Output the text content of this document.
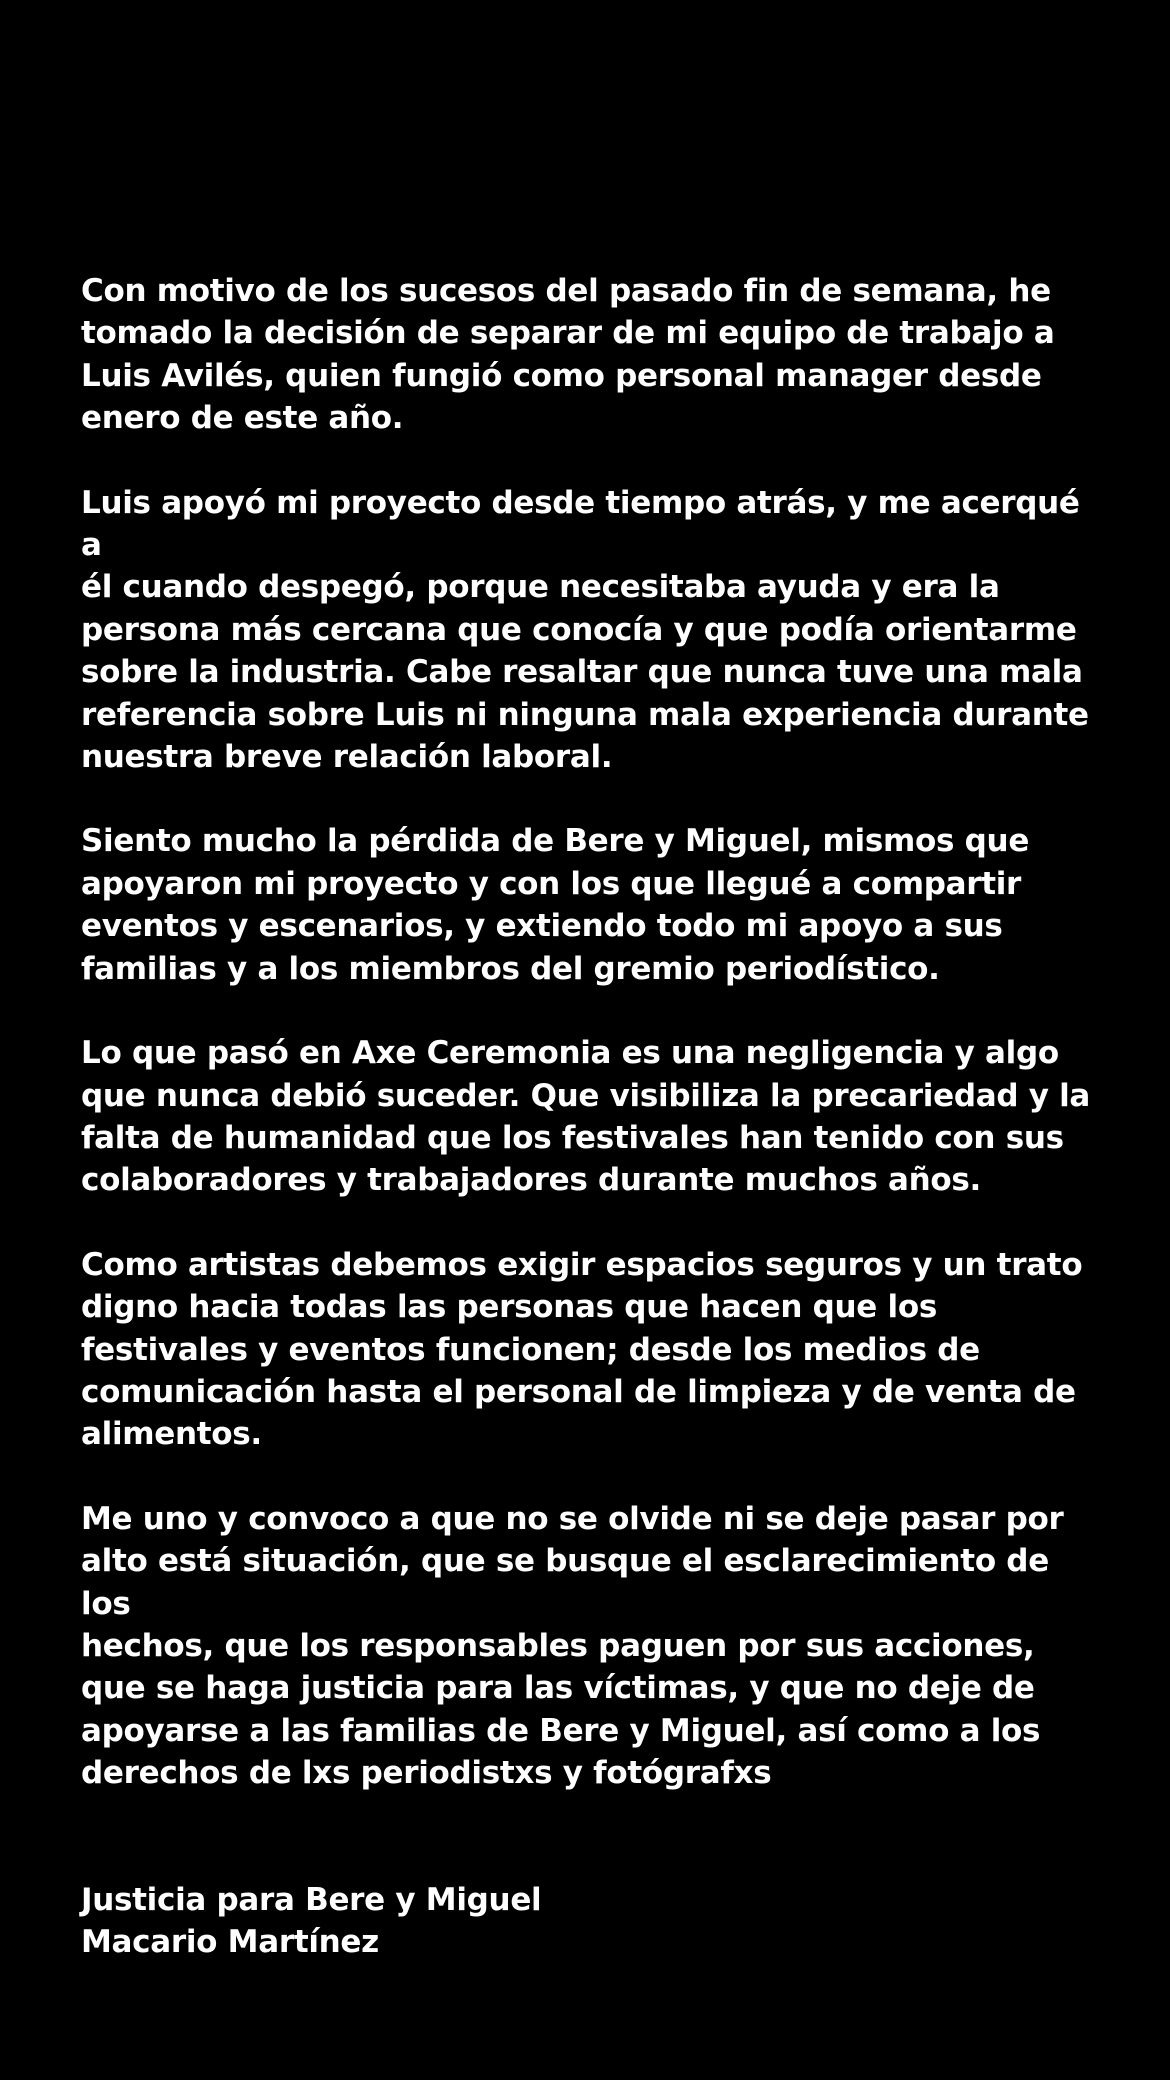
Con motivo de los sucesos del pasado fin de semana, he
tomado la decisión de separar de mi equipo de trabajo a
Luis Avilés, quien fungió como personal manager desde
enero de este año.

Luis apoyó mi proyecto desde tiempo atrás, y me acerqué a
él cuando despegó, porque necesitaba ayuda y era la
persona más cercana que conocía y que podía orientarme
sobre la industria. Cabe resaltar que nunca tuve una mala
referencia sobre Luis ni ninguna mala experiencia durante
nuestra breve relación laboral.

Siento mucho la pérdida de Bere y Miguel, mismos que
apoyaron mi proyecto y con los que llegué a compartir
eventos y escenarios, y extiendo todo mi apoyo a sus
familias y a los miembros del gremio periodístico.

Lo que pasó en Axe Ceremonia es una negligencia y algo
que nunca debió suceder. Que visibiliza la precariedad y la
falta de humanidad que los festivales han tenido con sus
colaboradores y trabajadores durante muchos años.

Como artistas debemos exigir espacios seguros y un trato
digno hacia todas las personas que hacen que los
festivales y eventos funcionen; desde los medios de
comunicación hasta el personal de limpieza y de venta de
alimentos.

Me uno y convoco a que no se olvide ni se deje pasar por
alto está situación, que se busque el esclarecimiento de los
hechos, que los responsables paguen por sus acciones,
que se haga justicia para las víctimas, y que no deje de
apoyarse a las familias de Bere y Miguel, así como a los
derechos de lxs periodistxs y fotógrafxs

Justicia para Bere y Miguel
Macario Martínez
